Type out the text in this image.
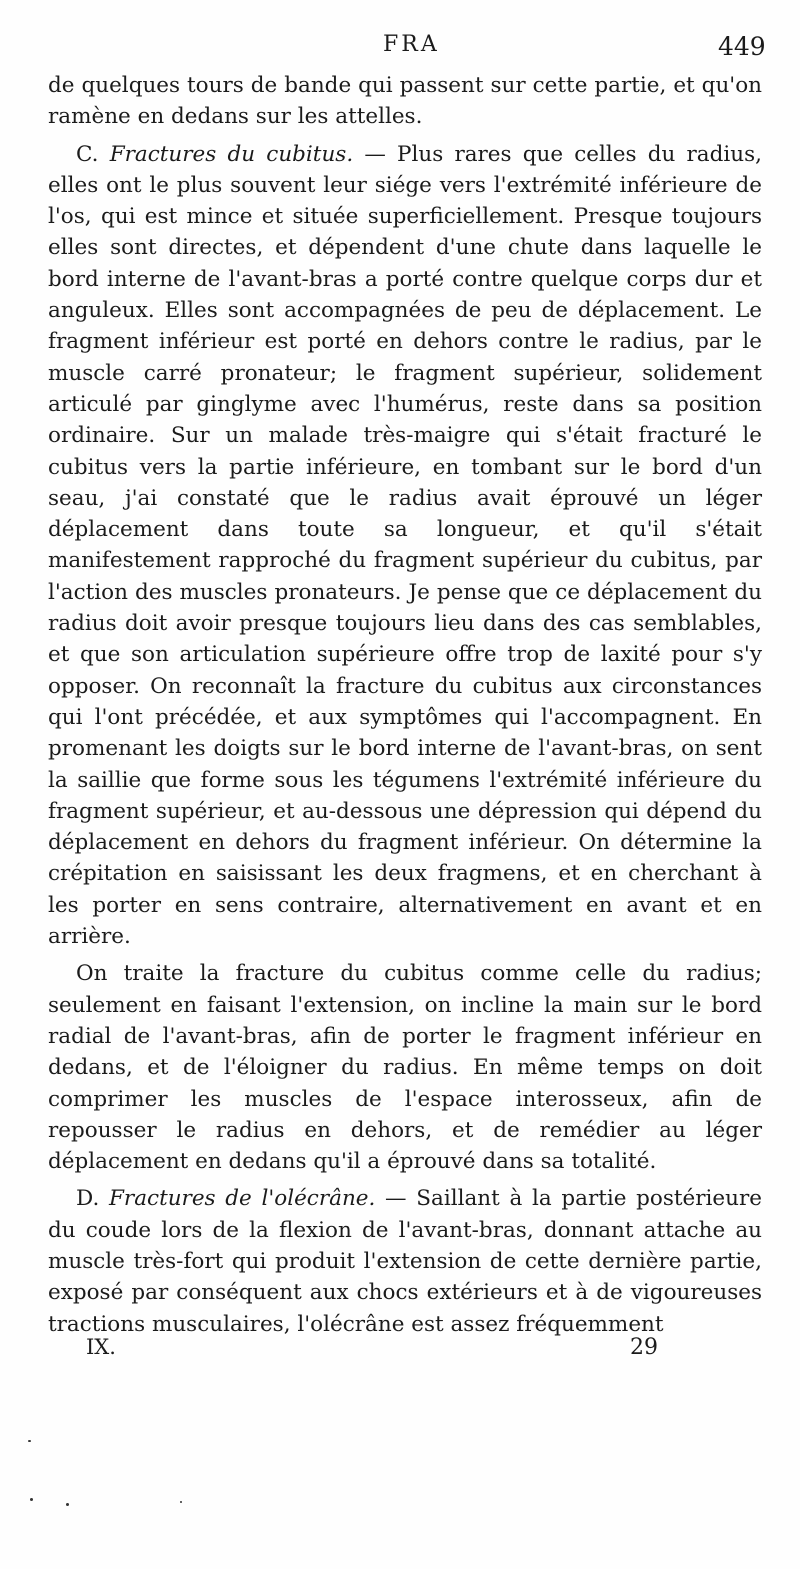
FRA	449

de quelques tours de bande qui passent sur cette partie, et qu'on ramène en dedans sur les attelles.

C. Fractures du cubitus. — Plus rares que celles du radius, elles ont le plus souvent leur siége vers l'extrémité inférieure de l'os, qui est mince et située superficiellement. Presque toujours elles sont directes, et dépendent d'une chute dans laquelle le bord interne de l'avant-bras a porté contre quelque corps dur et anguleux. Elles sont accompagnées de peu de déplacement. Le fragment inférieur est porté en dehors contre le radius, par le muscle carré pronateur; le fragment supérieur, solidement articulé par ginglyme avec l'humérus, reste dans sa position ordinaire. Sur un malade très-maigre qui s'était fracturé le cubitus vers la partie inférieure, en tombant sur le bord d'un seau, j'ai constaté que le radius avait éprouvé un léger déplacement dans toute sa longueur, et qu'il s'était manifestement rapproché du fragment supérieur du cubitus, par l'action des muscles pronateurs. Je pense que ce déplacement du radius doit avoir presque toujours lieu dans des cas semblables, et que son articulation supérieure offre trop de laxité pour s'y opposer. On reconnaît la fracture du cubitus aux circonstances qui l'ont précédée, et aux symptômes qui l'accompagnent. En promenant les doigts sur le bord interne de l'avant-bras, on sent la saillie que forme sous les tégumens l'extrémité inférieure du fragment supérieur, et au-dessous une dépression qui dépend du déplacement en dehors du fragment inférieur. On détermine la crépitation en saisissant les deux fragmens, et en cherchant à les porter en sens contraire, alternativement en avant et en arrière.

On traite la fracture du cubitus comme celle du radius; seulement en faisant l'extension, on incline la main sur le bord radial de l'avant-bras, afin de porter le fragment inférieur en dedans, et de l'éloigner du radius. En même temps on doit comprimer les muscles de l'espace interosseux, afin de repousser le radius en dehors, et de remédier au léger déplacement en dedans qu'il a éprouvé dans sa totalité.

D. Fractures de l'olécrâne. — Saillant à la partie postérieure du coude lors de la flexion de l'avant-bras, donnant attache au muscle très-fort qui produit l'extension de cette dernière partie, exposé par conséquent aux chocs extérieurs et à de vigoureuses tractions musculaires, l'olécrâne est assez fréquemment

IX.	29
